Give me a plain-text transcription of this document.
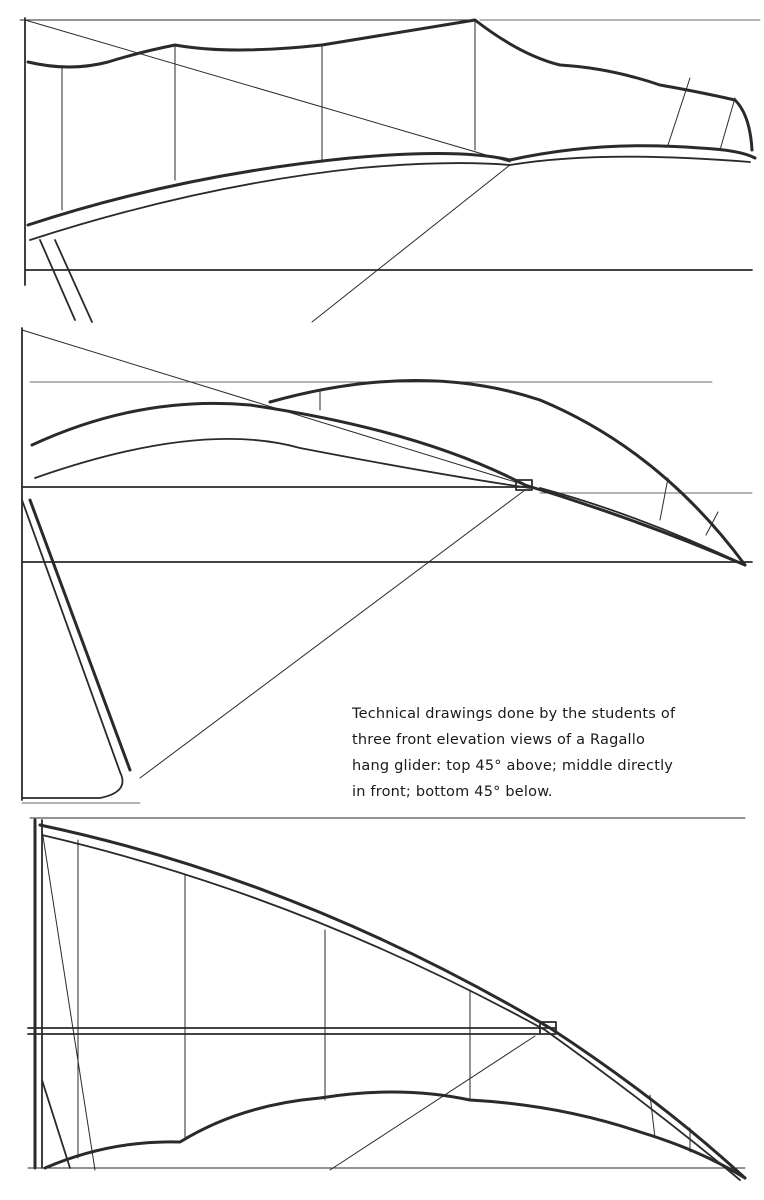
Technical drawings done by the students of
three front elevation views of a Ragallo
hang glider: top 45° above; middle directly
in front; bottom 45° below.
